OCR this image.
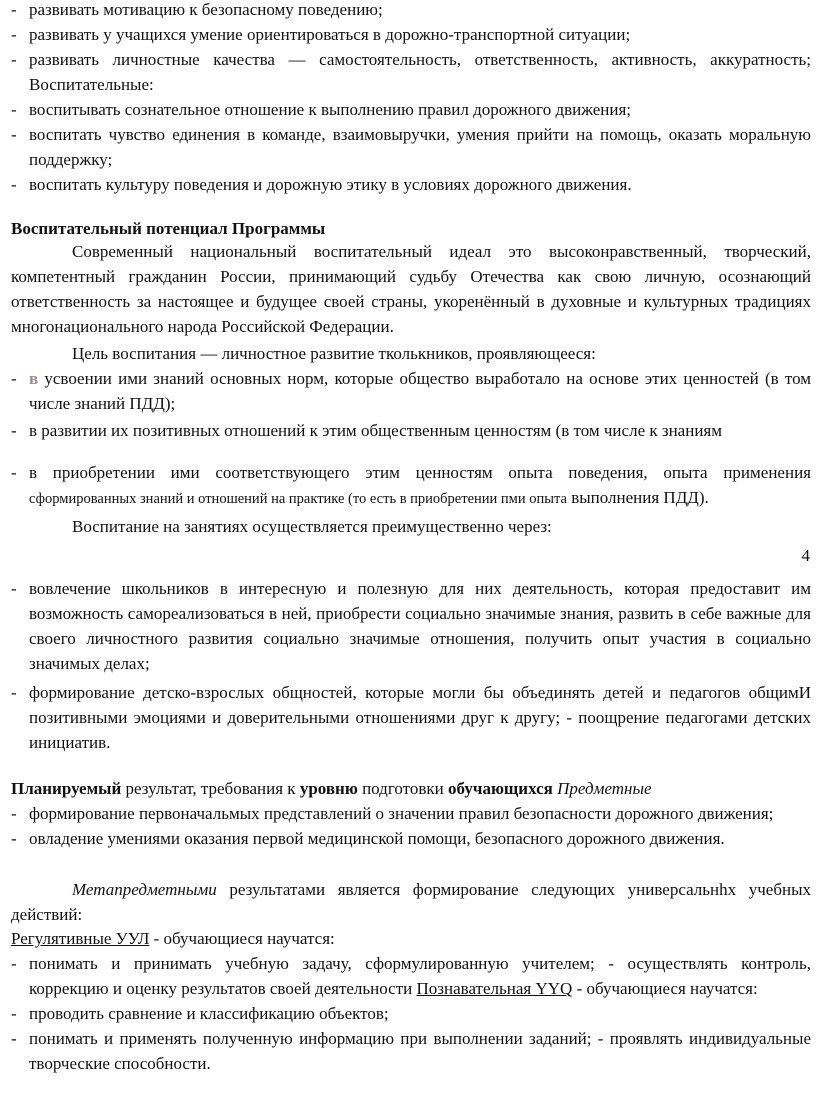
- развивать мотивацию к безопасному поведению;
- развивать у учащихся умение ориентироваться в дорожно-транспортной ситуации;
- развивать личностные качества — самостоятельность, ответственность, активность, аккуратность; Воспитательные:
- воспитывать сознательное отношение к выполнению правил дорожного движения;
- воспитать чувство единения в команде, взаимовыручки, умения прийти на помощь, оказать моральную поддержку;
- воспитать культуру поведения и дорожную этику в условиях дорожного движения.
Воспитательный потенциал Программы
Современный национальный воспитательный идеал это высоконравственный, творческий, компетентный гражданин России, принимающий судьбу Отечества как свою личную, осознающий ответственность за настоящее и будущее своей страны, укоренённый в духовные и культурных традициях многонационального народа Российской Федерации.
Цель воспитания — личностное развитие тколькников, проявляющееся:
- в усвоении ими знаний основных норм, которые общество выработало на основе этих ценностей (в том числе знаний ПДД);
- в развитии их позитивных отношений к этим общественным ценностям (в том числе к знаниям
- в приобретении ими соответствующего этим ценностям опыта поведения, опыта применения
сформированных знаний и отношений на практике (то есть в приобретении пми опыта выполнения ПДД).
Воспитание на занятиях осуществляется преимущественно через:
4
- вовлечение школьников в интересную и полезную для них деятельность, которая предоставит им возможность самореализоваться в ней, приобрести социально значимые знания, развить в себе важные для своего личностного развития социально значимые отношения, получить опыт участия в социально значимых делах;
- формирование детско-взрослых общностей, которые могли бы объединять детей и педагогов общимИ позитивными эмоциями и доверительными отношениями друг к другу; - поощрение педагогами детских инициатив.
Планируемый результат, требования к уровню подготовки обучающихся Предметные
- формирование первоначальмых представлений о значении правил безопасности дорожного движения;
- овладение умениями оказания первой медицинской помощи, безопасного дорожного движения.
Метапредметными результатами является формирование следующих универсальнһх учебных действий:
Регулятивные УУЛ - обучающиеся научатся:
- понимать и принимать учебную задачу, сформулированную учителем; - осуществлять контроль, коррекцию и оценку результатов своей деятельности Познавательная YYQ - обучающиеся научатся:
- проводить сравнение и классификацию объектов;
- понимать и применять полученную информацию при выполнении заданий; - проявлять индивидуальные творческие способности.
